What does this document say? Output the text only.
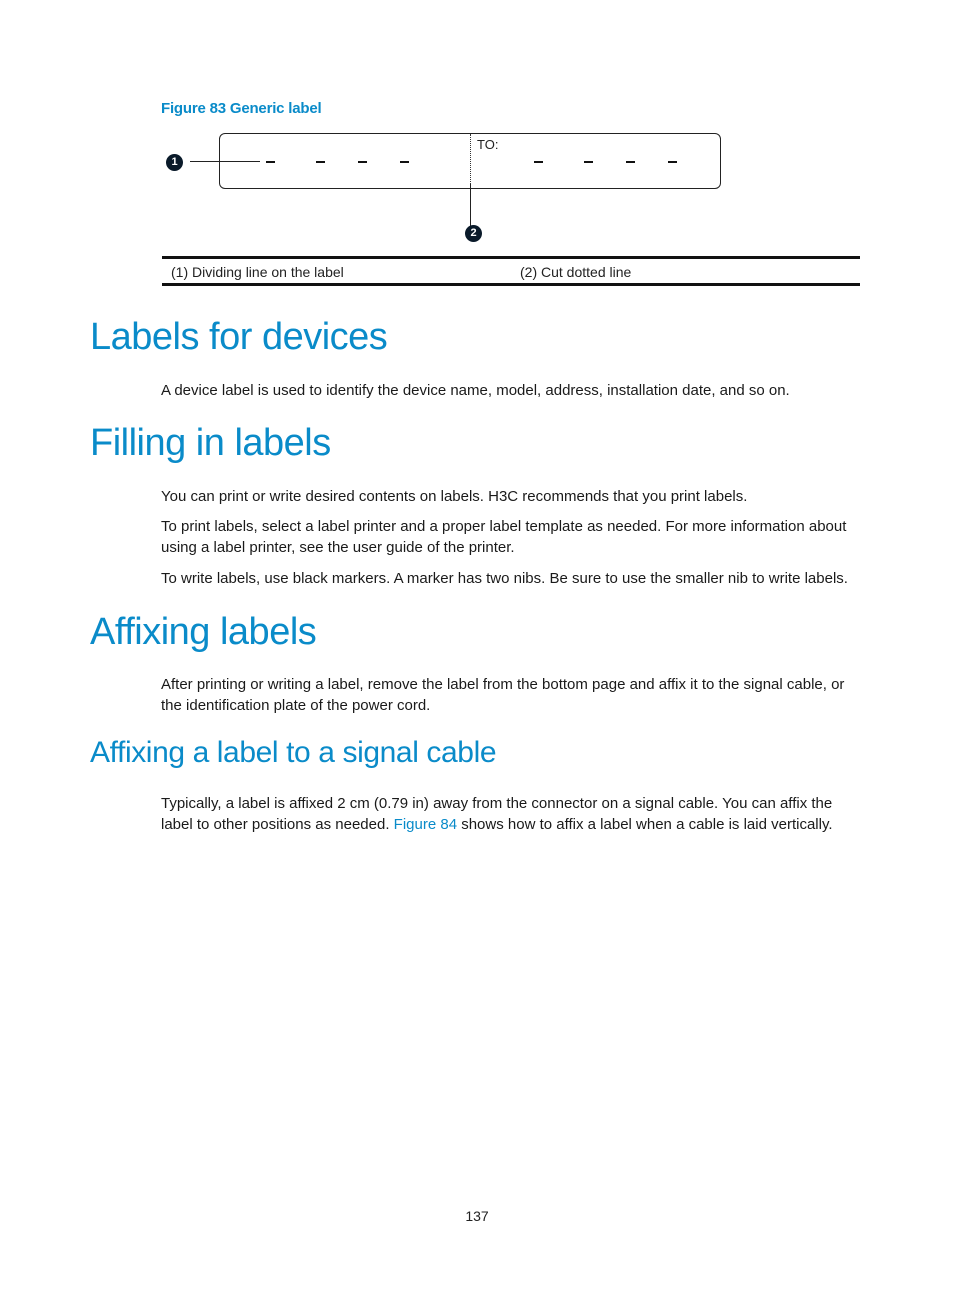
Figure 83 Generic label
1
TO:
2
(1) Dividing line on the label	(2) Cut dotted line
Labels for devices

A device label is used to identify the device name, model, address, installation date, and so on.

Filling in labels

You can print or write desired contents on labels. H3C recommends that you print labels.

To print labels, select a label printer and a proper label template as needed. For more information about using a label printer, see the user guide of the printer.

To write labels, use black markers. A marker has two nibs. Be sure to use the smaller nib to write labels.

Affixing labels

After printing or writing a label, remove the label from the bottom page and affix it to the signal cable, or the identification plate of the power cord.

Affixing a label to a signal cable

Typically, a label is affixed 2 cm (0.79 in) away from the connector on a signal cable. You can affix the label to other positions as needed. Figure 84 shows how to affix a label when a cable is laid vertically.

137
